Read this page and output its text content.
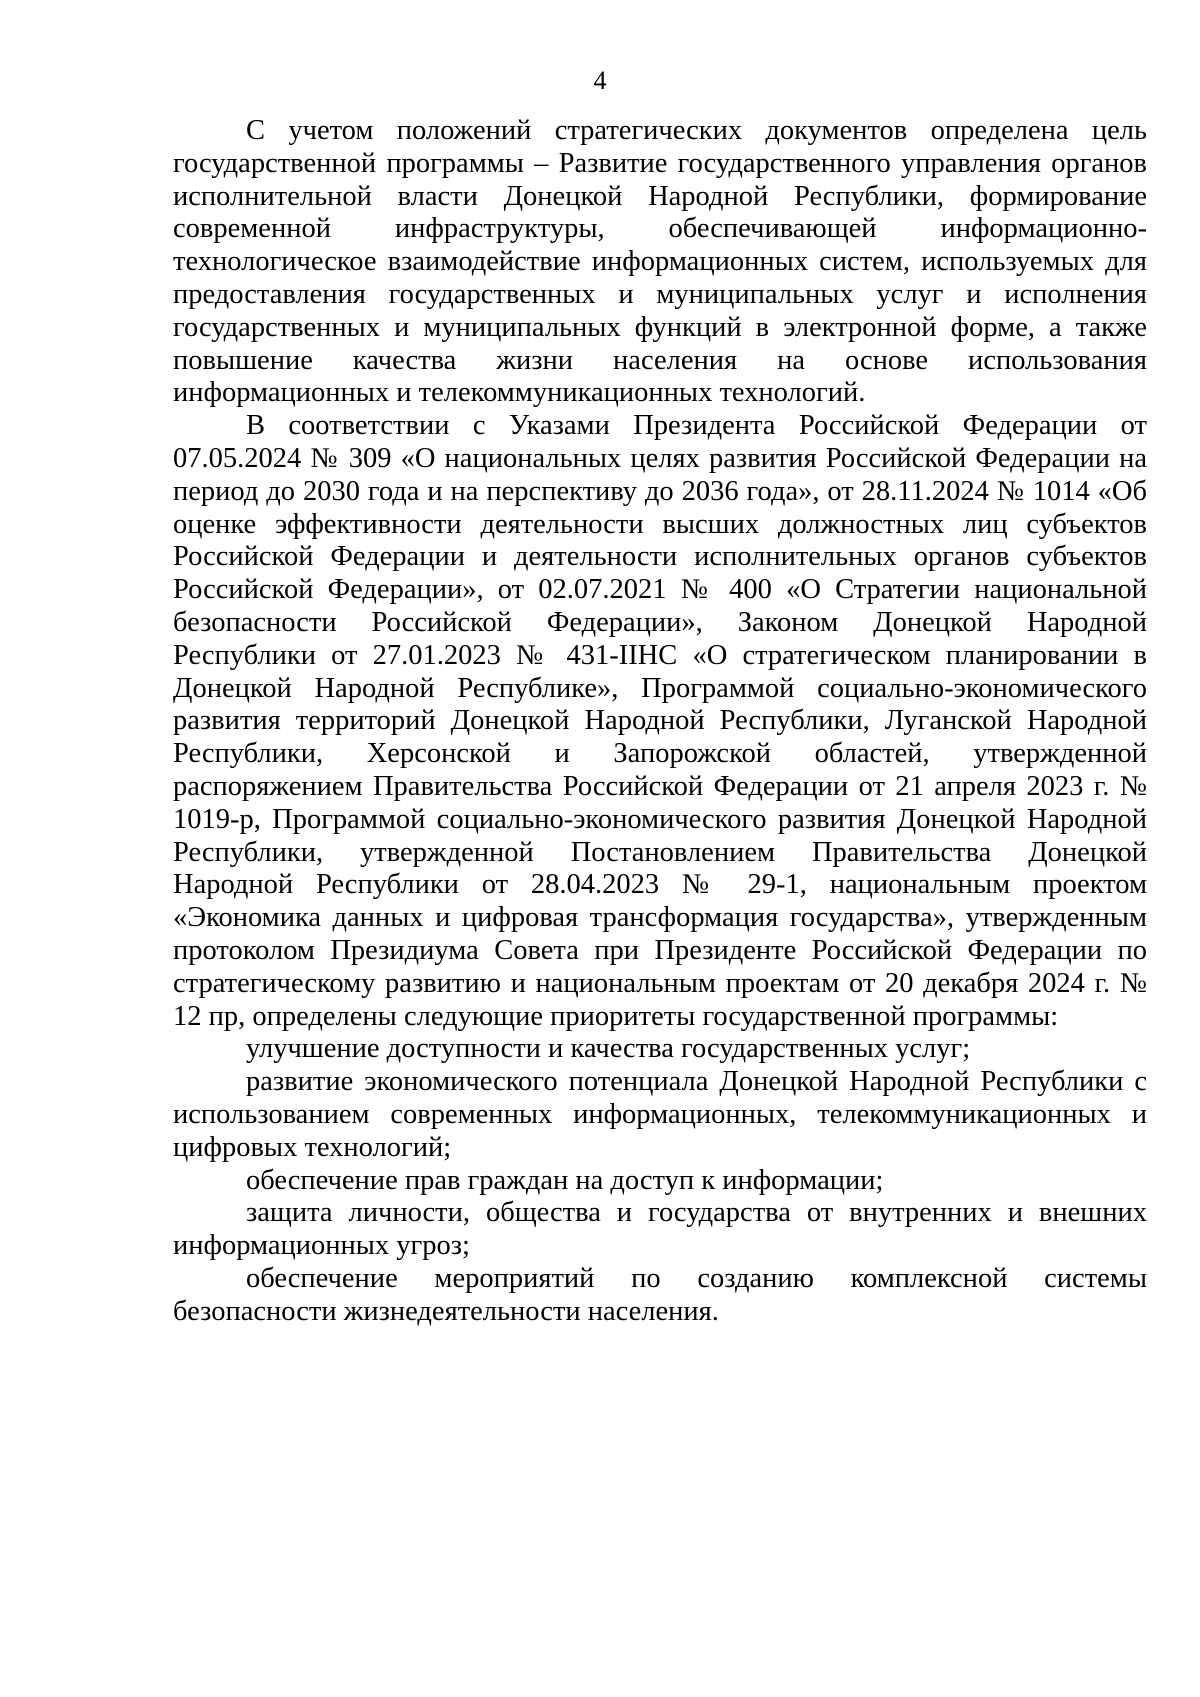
4

С учетом положений стратегических документов определена цель государственной программы – Развитие государственного управления органов исполнительной власти Донецкой Народной Республики, формирование современной инфраструктуры, обеспечивающей информационно-технологическое взаимодействие информационных систем, используемых для предоставления государственных и муниципальных услуг и исполнения государственных и муниципальных функций в электронной форме, а также повышение качества жизни населения на основе использования информационных и телекоммуникационных технологий.

В соответствии с Указами Президента Российской Федерации от 07.05.2024 № 309 «О национальных целях развития Российской Федерации на период до 2030 года и на перспективу до 2036 года», от 28.11.2024 № 1014 «Об оценке эффективности деятельности высших должностных лиц субъектов Российской Федерации и деятельности исполнительных органов субъектов Российской Федерации», от 02.07.2021 № 400 «О Стратегии национальной безопасности Российской Федерации», Законом Донецкой Народной Республики от 27.01.2023 № 431-IIНС «О стратегическом планировании в Донецкой Народной Республике», Программой социально-экономического развития территорий Донецкой Народной Республики, Луганской Народной Республики, Херсонской и Запорожской областей, утвержденной распоряжением Правительства Российской Федерации от 21 апреля 2023 г. № 1019-р, Программой социально-экономического развития Донецкой Народной Республики, утвержденной Постановлением Правительства Донецкой Народной Республики от 28.04.2023 № 29-1, национальным проектом «Экономика данных и цифровая трансформация государства», утвержденным протоколом Президиума Совета при Президенте Российской Федерации по стратегическому развитию и национальным проектам от 20 декабря 2024 г. № 12 пр, определены следующие приоритеты государственной программы:

улучшение доступности и качества государственных услуг;

развитие экономического потенциала Донецкой Народной Республики с использованием современных информационных, телекоммуникационных и цифровых технологий;

обеспечение прав граждан на доступ к информации;

защита личности, общества и государства от внутренних и внешних информационных угроз;

обеспечение мероприятий по созданию комплексной системы безопасности жизнедеятельности населения.
